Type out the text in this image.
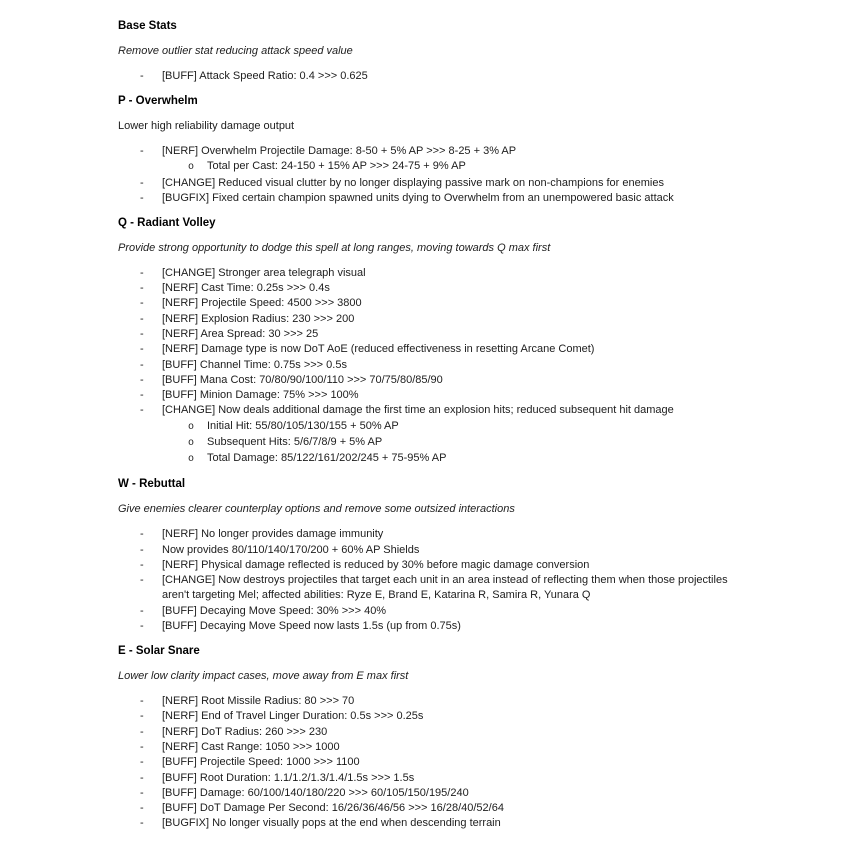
Base Stats

Remove outlier stat reducing attack speed value

-	[BUFF] Attack Speed Ratio: 0.4 >>> 0.625
P - Overwhelm

Lower high reliability damage output

-	[NERF] Overwhelm Projectile Damage: 8-50 + 5% AP >>> 8-25 + 3% AP
o	Total per Cast: 24-150 + 15% AP >>> 24-75 + 9% AP
-	[CHANGE] Reduced visual clutter by no longer displaying passive mark on non-champions for enemies
-	[BUGFIX] Fixed certain champion spawned units dying to Overwhelm from an unempowered basic attack
Q - Radiant Volley

Provide strong opportunity to dodge this spell at long ranges, moving towards Q max first

-	[CHANGE] Stronger area telegraph visual
-	[NERF] Cast Time: 0.25s >>> 0.4s
-	[NERF] Projectile Speed: 4500 >>> 3800
-	[NERF] Explosion Radius: 230 >>> 200
-	[NERF] Area Spread: 30 >>> 25
-	[NERF] Damage type is now DoT AoE (reduced effectiveness in resetting Arcane Comet)
-	[BUFF] Channel Time: 0.75s >>> 0.5s
-	[BUFF] Mana Cost: 70/80/90/100/110 >>> 70/75/80/85/90
-	[BUFF] Minion Damage: 75% >>> 100%
-	[CHANGE] Now deals additional damage the first time an explosion hits; reduced subsequent hit damage
o	Initial Hit: 55/80/105/130/155 + 50% AP
o	Subsequent Hits: 5/6/7/8/9 + 5% AP
o	Total Damage: 85/122/161/202/245 + 75-95% AP
W - Rebuttal

Give enemies clearer counterplay options and remove some outsized interactions

-	[NERF] No longer provides damage immunity
-	Now provides 80/110/140/170/200 + 60% AP Shields
-	[NERF] Physical damage reflected is reduced by 30% before magic damage conversion
-	[CHANGE] Now destroys projectiles that target each unit in an area instead of reflecting them when those projectiles aren't targeting Mel; affected abilities: Ryze E, Brand E, Katarina R, Samira R, Yunara Q
-	[BUFF] Decaying Move Speed: 30% >>> 40%
-	[BUFF] Decaying Move Speed now lasts 1.5s (up from 0.75s)
E - Solar Snare

Lower low clarity impact cases, move away from E max first

-	[NERF] Root Missile Radius: 80 >>> 70
-	[NERF] End of Travel Linger Duration: 0.5s >>> 0.25s
-	[NERF] DoT Radius: 260 >>> 230
-	[NERF] Cast Range: 1050 >>> 1000
-	[BUFF] Projectile Speed: 1000 >>> 1100
-	[BUFF] Root Duration: 1.1/1.2/1.3/1.4/1.5s >>> 1.5s
-	[BUFF] Damage: 60/100/140/180/220 >>> 60/105/150/195/240
-	[BUFF] DoT Damage Per Second: 16/26/36/46/56 >>> 16/28/40/52/64
-	[BUGFIX] No longer visually pops at the end when descending terrain
